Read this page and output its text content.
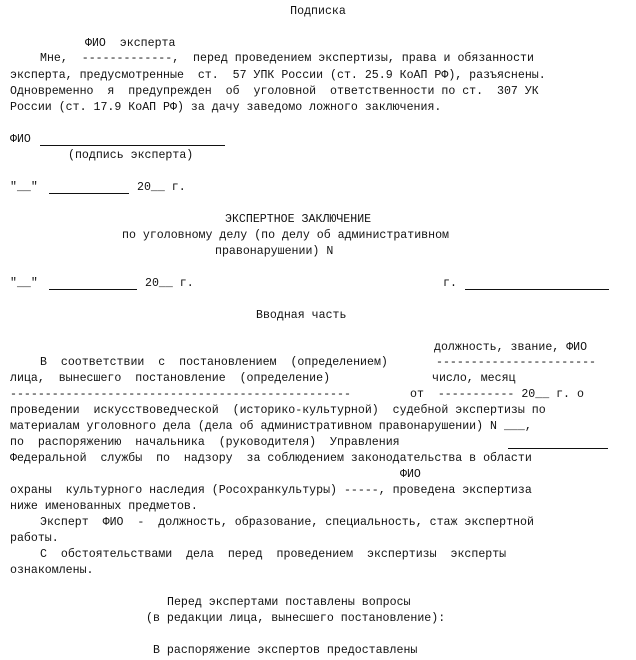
Подписка
ФИО  эксперта
Мне,  -------------,  перед проведением экспертизы, права и обязанности
эксперта, предусмотренные  ст.  57 УПК России (ст. 25.9 КоАП РФ), разъяснены.
Одновременно  я  предупрежден  об  уголовной  ответственности по ст.  307 УК
России (ст. 17.9 КоАП РФ) за дачу заведомо ложного заключения.
ФИО
(подпись эксперта)
"__"	20__ г.
ЭКСПЕРТНОЕ ЗАКЛЮЧЕНИЕ
по уголовному делу (по делу об административном
правонарушении) N
"__"	20__ г.	г.
Вводная часть
должность, звание, ФИО
В  соответствии  с  постановлением  (определением)	-----------------------
лица,  вынесшего  постановление  (определение)	число, месяц
-------------------------------------------------	от  ----------- 20__ г. о
проведении  искусствоведческой  (историко-культурной)  судебной экспертизы по
материалам уголовного дела (дела об административном правонарушении) N ___,
по  распоряжению  начальника  (руководителя)  Управления
Федеральной  службы  по  надзору  за соблюдением законодательства в области
ФИО
охраны  культурного наследия (Росохранкультуры) -----, проведена экспертиза
ниже именованных предметов.
Эксперт  ФИО  -  должность, образование, специальность, стаж экспертной
работы.
С  обстоятельствами  дела  перед  проведением  экспертизы  эксперты
ознакомлены.
Перед экспертами поставлены вопросы
(в редакции лица, вынесшего постановление):
В распоряжение экспертов предоставлены
